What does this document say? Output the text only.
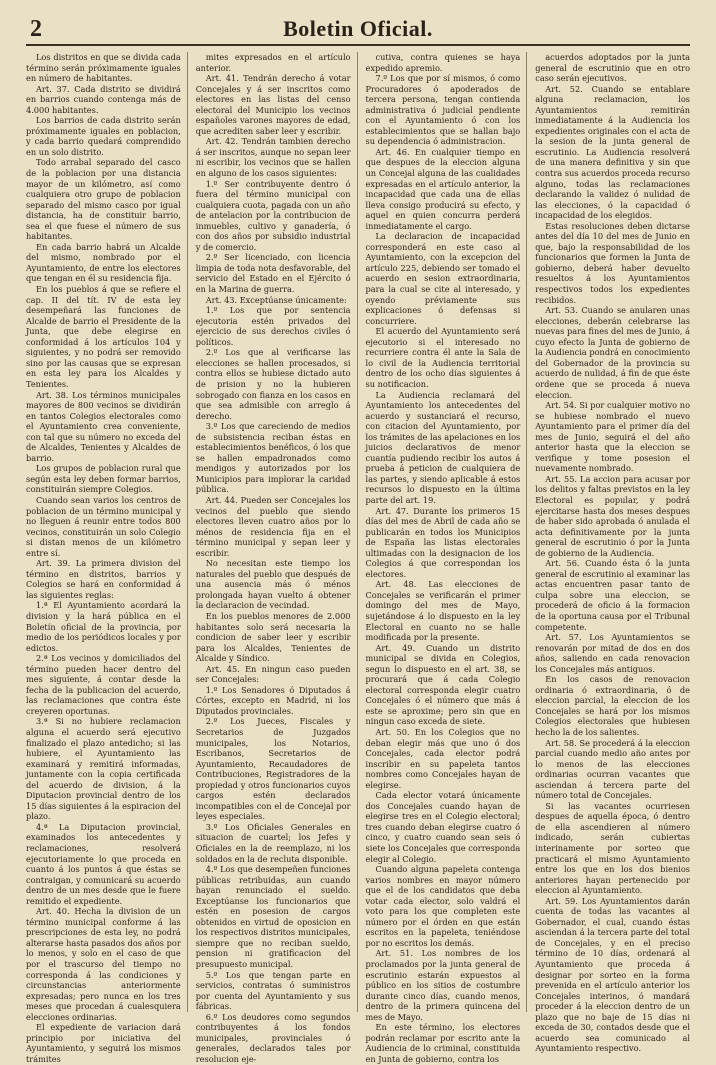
2	Boletin Oficial.

Los distritos en que se divida cada término serán próximamente iguales en número de habitantes.

Art. 37. Cada distrito se dividirá en barrios cuando contenga más de 4.000 habitantes.

Los barrios de cada distrito serán próximamente iguales en poblacion, y cada barrio quedará comprendido en un solo distrito.

Todo arrabal separado del casco de la poblacion por una distancia mayor de un kilómetro, así como cualquiera otro grupo de poblacion separado del mismo casco por igual distancia, ha de constituir barrio, sea el que fuese el número de sus habitantes.

En cada barrio habrá un Alcalde del mismo, nombrado por el Ayuntamiento, de entre los electores que tengan en él su residencia fija.

En los pueblos á que se refiere el cap. II del tít. IV de esta ley desempeñará las funciones de Alcalde de barrio el Presidente de la Junta, que debe elegirse en conformidad á los artículos 104 y siguientes, y no podrá ser removido sino por las causas que se expresan en esta ley para los Alcaldes y Tenientes.

Art. 38. Los términos municipales mayores de 800 vecinos se dividirán en tantos Colegios electorales como el Ayuntamiento crea conveniente, con tal que su número no exceda del de Alcaldes, Tenientes y Alcaldes de barrio.

Los grupos de poblacion rural que según esta ley deben formar barrios, constituirán siempre Colegios.

Cuando sean varios los centros de poblacion de un término municipal y no lleguen á reunir entre todos 800 vecinos, constituirán un solo Colegio si distan menos de un kilómetro entre sí.

Art. 39. La primera division del término en distritos, barrios y Colegios se hará en conformidad á las siguientes reglas:

1.ª El Ayuntamiento acordará la division y la hará pública en el Boletín oficial de la provincia, por medio de los periódicos locales y por edictos.

2.ª Los vecinos y domiciliados del término pueden hacer dentro del mes siguiente, á contar desde la fecha de la publicacion del acuerdo, las reclamaciones que contra éste creyeren oportunas.

3.ª Si no hubiere reclamacion alguna el acuerdo será ejecutivo finalizado el plazo antedicho; si las hubiere, el Ayuntamiento las examinará y remitirá informadas, juntamente con la copia certificada del acuerdo de division, á la Diputacion provincial dentro de los 15 días siguientes á la espiracion del plazo.

4.ª La Diputacion provincial, examinados los antecedentes y reclamaciones, resolverá ejecutoriamente lo que proceda en cuanto á los puntos á que éstas se contraigan, y comunicará su acuerdo dentro de un mes desde que le fuere remitido el expediente.

Art. 40. Hecha la division de un término municipal conforme á las prescripciones de esta ley, no podrá alterarse hasta pasados dos años por lo menos, y solo en el caso de que por el trascurso del tiempo no corresponda á las condiciones y circunstancias anteriormente expresadas; pero nunca en los tres meses que procedan á cualesquiera elecciones ordinarias.

El expediente de variacion dará principio por iniciativa del Ayuntamiento, y seguirá los mismos trámites

mites expresados en el artículo anterior.

Art. 41. Tendrán derecho á votar Concejales y á ser inscritos como electores en las listas del censo electoral del Municipio los vecinos españoles varones mayores de edad, que acrediten saber leer y escribir.

Art. 42. Tendrán tambien derecho á ser inscritos, aunque no sepan leer ni escribir, los vecinos que se hallen en alguno de los casos siguientes:

1.º Ser contribuyente dentro ó fuera del término municipal con cualquiera cuota, pagada con un año de antelacion por la contribucion de inmuebles, cultivo y ganadería, ó con dos años por subsidio industrial y de comercio.

2.º Ser licenciado, con licencia limpia de toda nota desfavorable, del servicio del Estado en el Ejército ó en la Marina de guerra.

Art. 43. Exceptúanse únicamente:

1.º Los que por sentencia ejecutoria estén privados del ejercicio de sus derechos civiles ó políticos.

2.º Los que al verificarse las elecciones se hallen procesados, si contra ellos se hubiese dictado auto de prision y no la hubieren sobrogado con fianza en los casos en que sea admisible con arreglo á derecho.

3.º Los que careciendo de medios de subsistencia reciban éstas en establecimientos benéficos, ó los que se hallen empadronados como mendigos y autorizados por los Municipios para implorar la caridad pública.

Art. 44. Pueden ser Concejales los vecinos del pueblo que siendo electores lleven cuatro años por lo ménos de residencia fija en el término municipal y sepan leer y escribir.

No necesitan este tiempo los naturales del pueblo que después de una ausencia más ó ménos prolongada hayan vuelto á obtener la declaracion de vecindad.

En los pueblos menores de 2.000 habitantes solo será necesaria la condicion de saber leer y escribir para los Alcaldes, Tenientes de Alcalde y Síndico.

Art. 45. En ningun caso pueden ser Concejales:

1.º Los Senadores ó Diputados á Córtes, excepto en Madrid, ni los Diputados provinciales.

2.º Los Jueces, Fiscales y Secretarios de Juzgados municipales, los Notarios, Escribanos, Secretarios de Ayuntamiento, Recaudadores de Contribuciones, Registradores de la propiedad y otros funcionarios cuyos cargos estén declarados incompatibles con el de Concejal por leyes especiales.

3.º Los Oficiales Generales en situacion de cuartel; los Jefes y Oficiales en la de reemplazo, ni los soldados en la de recluta disponible.

4.º Los que desempeñen funciones públicas retribuidas, aun cuando hayan renunciado el sueldo. Exceptúanse los funcionarios que estén en posesion de cargos obtenidos en virtud de oposicion en los respectivos distritos municipales, siempre que no reciban sueldo, pension ni gratificacion del presupuesto municipal.

5.º Los que tengan parte en servicios, contratas ó suministros por cuenta del Ayuntamiento y sus fábricas.

6.º Los deudores como segundos contribuyentes á los fondos municipales, provinciales ó generales, declarados tales por resolucion eje-

cutiva, contra quienes se haya expedido apremio.

7.º Los que por sí mismos, ó como Procuradores ó apoderados de tercera persona, tengan contienda administrativa ó judicial pendiente con el Ayuntamiento ó con los establecimientos que se hallan bajo su dependencia ó administracion.

Art. 46. En cualquier tiempo en que despues de la eleccion alguna un Concejal alguna de las cualidades expresadas en el artículo anterior, la incapacidad que cada una de ellas lleva consigo producirá su efecto, y aquel en quien concurra perderá inmediatamente el cargo.

La declaracion de incapacidad corresponderá en este caso al Ayuntamiento, con la excepcion del artículo 225, debiendo ser tomado el acuerdo en sesion extraordinaria, para la cual se cite al interesado, y oyendo préviamente sus explicaciones ó defensas si concurriere.

El acuerdo del Ayuntamiento será ejecutorio si el interesado no recurriere contra él ante la Sala de lo civil de la Audiencia territorial dentro de los ocho días siguientes á su notificacion.

La Audiencia reclamará del Ayuntamiento los antecedentes del acuerdo y sustanciará el recurso, con citacion del Ayuntamiento, por los trámites de las apelaciones en los juicios declarativos de menor cuantía pudiendo recibir los autos á prueba á peticion de cualquiera de las partes, y siendo aplicable á estos recursos lo dispuesto en la última parte del art. 19.

Art. 47. Durante los primeros 15 días del mes de Abril de cada año se publicarán en todos los Municipios de España las listas electorales ultimadas con la designacion de los Colegios á que correspondan los electores.

Art. 48. Las elecciones de Concejales se verificarán el primer domingo del mes de Mayo, sujetándose á lo dispuesto en la ley Electoral en cuanto no se halle modificada por la presente.

Art. 49. Cuando un distrito municipal se divida en Colegios, segun lo dispuesto en el art. 38, se procurará que á cada Colegio electoral corresponda elegir cuatro Concejales ó el número que más á este se aproxime; pero sin que en ningun caso exceda de siete.

Art. 50. En los Colegios que no deban elegir más que uno ó dos Concejales, cada elector podrá inscribir en su papeleta tantos nombres como Concejales hayan de elegirse.

Cada elector votará únicamente dos Concejales cuando hayan de elegirse tres en el Colegio electoral; tres cuando deban elegirse cuatro ó cinco, y cuatro cuando sean seis ó siete los Concejales que corresponda elegir al Colegio.

Cuando alguna papeleta contenga varios nombres en mayor número que el de los candidatos que deba votar cada elector, solo valdrá el voto para los que completen este número por el órden en que están escritos en la papeleta, teniéndose por no escritos los demás.

Art. 51. Los nombres de los proclamados por la junta general de escrutinio estarán expuestos al público en los sitios de costumbre durante cinco días, cuando menos, dentro de la primera quincena del mes de Mayo.

En este término, los electores podrán reclamar por escrito ante la Audiencia de lo criminal, constituida en Junta de gobierno, contra los

acuerdos adoptados por la junta general de escrutinio que en otro caso serán ejecutivos.

Art. 52. Cuando se entablare alguna reclamacion, los Ayuntamientos remitirán inmediatamente á la Audiencia los expedientes originales con el acta de la sesion de la junta general de escrutinio. La Audiencia resolverá de una manera definitiva y sin que contra sus acuerdos proceda recurso alguno, todas las reclamaciones declarando la validez ó nulidad de las elecciones, ó la capacidad ó incapacidad de los elegidos.

Estas resoluciones deben dictarse antes del día 10 del mes de Junio en que, bajo la responsabilidad de los funcionarios que formen la Junta de gobierno, deberá haber devuelto resueltos á los Ayuntamientos respectivos todos los expedientes recibidos.

Art. 53. Cuando se anularen unas elecciones, deberán celebrarse las nuevas para fines del mes de Junio, á cuyo efecto la Junta de gobierno de la Audiencia pondrá en conocimiento del Gobernador de la provincia su acuerdo de nulidad, á fin de que éste ordene que se proceda á nueva eleccion.

Art. 54. Si por cualquier motivo no se hubiese nombrado el nuevo Ayuntamiento para el primer día del mes de Junio, seguirá el del año anterior hasta que la eleccion se verifique y tome posesion el nuevamente nombrado.

Art. 55. La accion para acusar por los delitos y faltas previstos en la ley Electoral es popular, y podrá ejercitarse hasta dos meses despues de haber sido aprobada ó anulada el acta definitivamente por la junta general de escrutinio ó por la Junta de gobierno de la Audiencia.

Art. 56. Cuando ésta ó la junta general de escrutinio al examinar las actas encuentren pasar tanto de culpa sobre una eleccion, se procederá de oficio á la formacion de la oportuna causa por el Tribunal competente.

Art. 57. Los Ayuntamientos se renovarán por mitad de dos en dos años, saliendo en cada renovacion los Concejales más antiguos.

En los casos de renovacion ordinaria ó extraordinaria, ó de eleccion parcial, la eleccion de los Concejales se hará por los mismos Colegios electorales que hubiesen hecho la de los salientes.

Art. 58. Se procederá á la eleccion parcial cuando medio año antes por lo menos de las elecciones ordinarias ocurran vacantes que asciendan á tercera parte del número total de Concejales.

Si las vacantes ocurriesen despues de aquella época, ó dentro de ella ascendieren al número indicado, serán cubiertas interinamente por sorteo que practicará el mismo Ayuntamiento entre los que en los dos bienios anteriores hayan pertenecido por eleccion al Ayuntamiento.

Art. 59. Los Ayuntamientos darán cuenta de todas las vacantes al Gobernador, el cual, cuando éstas asciendan á la tercera parte del total de Concejales, y en el preciso término de 10 días, ordenará al Ayuntamiento que proceda á designar por sorteo en la forma prevenida en el artículo anterior los Concejales interinos, ó mandará proceder á la eleccion dentro de un plazo que no baje de 15 días ni exceda de 30, contados desde que el acuerdo sea comunicado al Ayuntamiento respectivo.
